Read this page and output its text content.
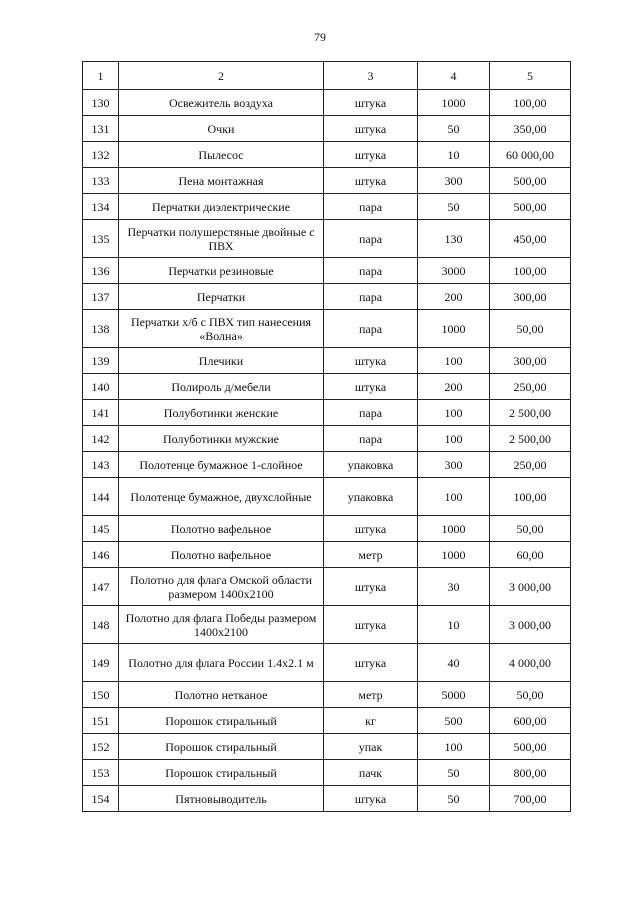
79
1	2	3	4	5
130	Освежитель воздуха	штука	1000	100,00
131	Очки	штука	50	350,00
132	Пылесос	штука	10	60 000,00
133	Пена монтажная	штука	300	500,00
134	Перчатки диэлектрические	пара	50	500,00
135	Перчатки полушерстяные двойные с ПВХ	пара	130	450,00
136	Перчатки резиновые	пара	3000	100,00
137	Перчатки	пара	200	300,00
138	Перчатки х/б с ПВХ тип нанесения «Волна»	пара	1000	50,00
139	Плечики	штука	100	300,00
140	Полироль д/мебели	штука	200	250,00
141	Полуботинки женские	пара	100	2 500,00
142	Полуботинки мужские	пара	100	2 500,00
143	Полотенце бумажное 1-слойное	упаковка	300	250,00
144	Полотенце бумажное, двухслойные	упаковка	100	100,00
145	Полотно вафельное	штука	1000	50,00
146	Полотно вафельное	метр	1000	60,00
147	Полотно для флага Омской области размером 1400х2100	штука	30	3 000,00
148	Полотно для флага Победы размером 1400х2100	штука	10	3 000,00
149	Полотно для флага России 1.4х2.1 м	штука	40	4 000,00
150	Полотно нетканое	метр	5000	50,00
151	Порошок стиральный	кг	500	600,00
152	Порошок стиральный	упак	100	500,00
153	Порошок стиральный	пачк	50	800,00
154	Пятновыводитель	штука	50	700,00
